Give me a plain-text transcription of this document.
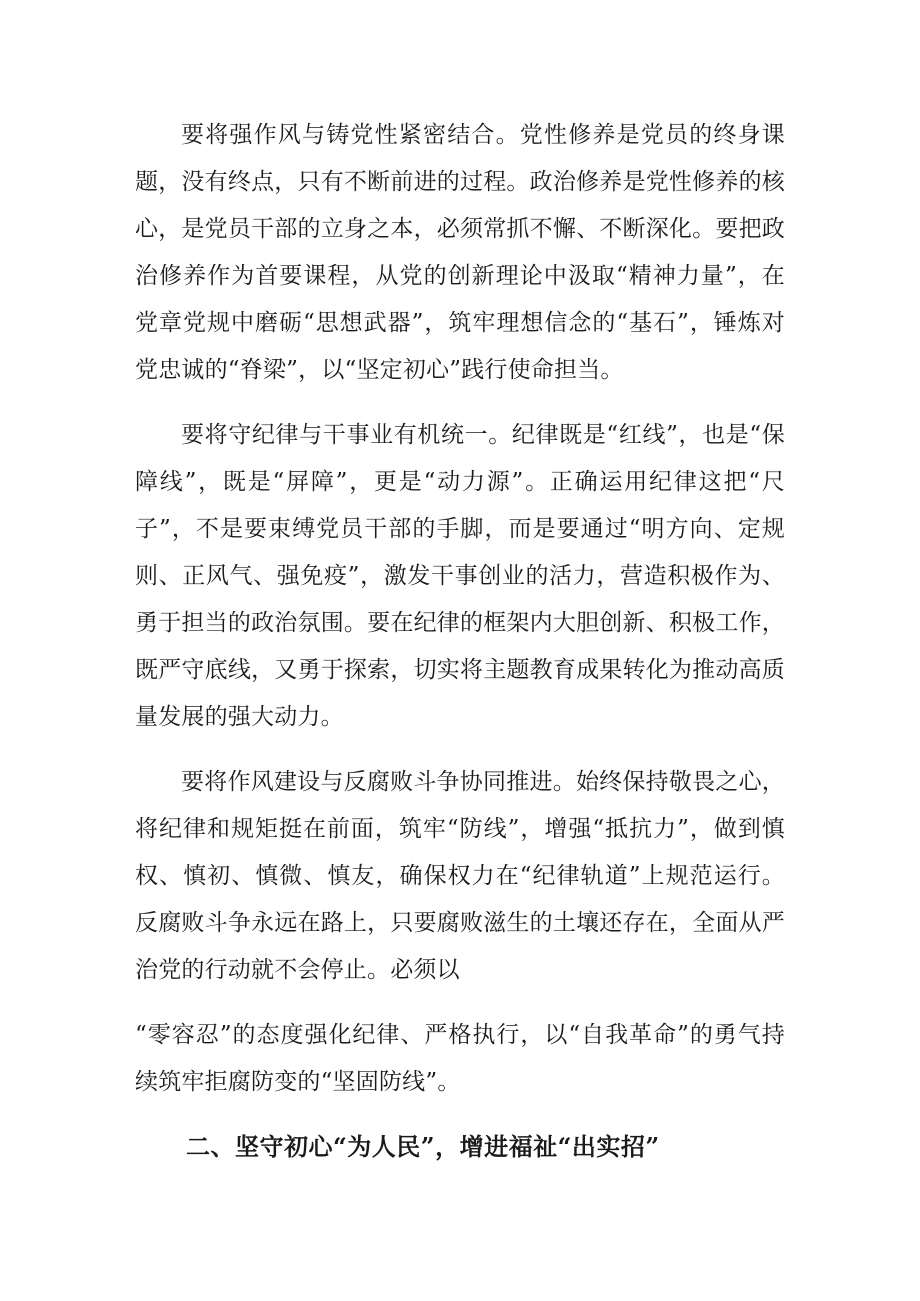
要将强作风与铸党性紧密结合。党性修养是党员的终身课题，没有终点，只有不断前进的过程。政治修养是党性修养的核心，是党员干部的立身之本，必须常抓不懈、不断深化。要把政治修养作为首要课程，从党的创新理论中汲取“精神力量”，在党章党规中磨砺“思想武器”，筑牢理想信念的“基石”，锤炼对党忠诚的“脊梁”，以“坚定初心”践行使命担当。

要将守纪律与干事业有机统一。纪律既是“红线”，也是“保障线”，既是“屏障”，更是“动力源”。正确运用纪律这把“尺子”，不是要束缚党员干部的手脚，而是要通过“明方向、定规则、正风气、强免疫”，激发干事创业的活力，营造积极作为、勇于担当的政治氛围。要在纪律的框架内大胆创新、积极工作，既严守底线，又勇于探索，切实将主题教育成果转化为推动高质量发展的强大动力。

要将作风建设与反腐败斗争协同推进。始终保持敬畏之心，将纪律和规矩挺在前面，筑牢“防线”，增强“抵抗力”，做到慎权、慎初、慎微、慎友，确保权力在“纪律轨道”上规范运行。反腐败斗争永远在路上，只要腐败滋生的土壤还存在，全面从严治党的行动就不会停止。必须以

“零容忍”的态度强化纪律、严格执行，以“自我革命”的勇气持续筑牢拒腐防变的“坚固防线”。

二、坚守初心“为人民”，增进福祉“出实招”
